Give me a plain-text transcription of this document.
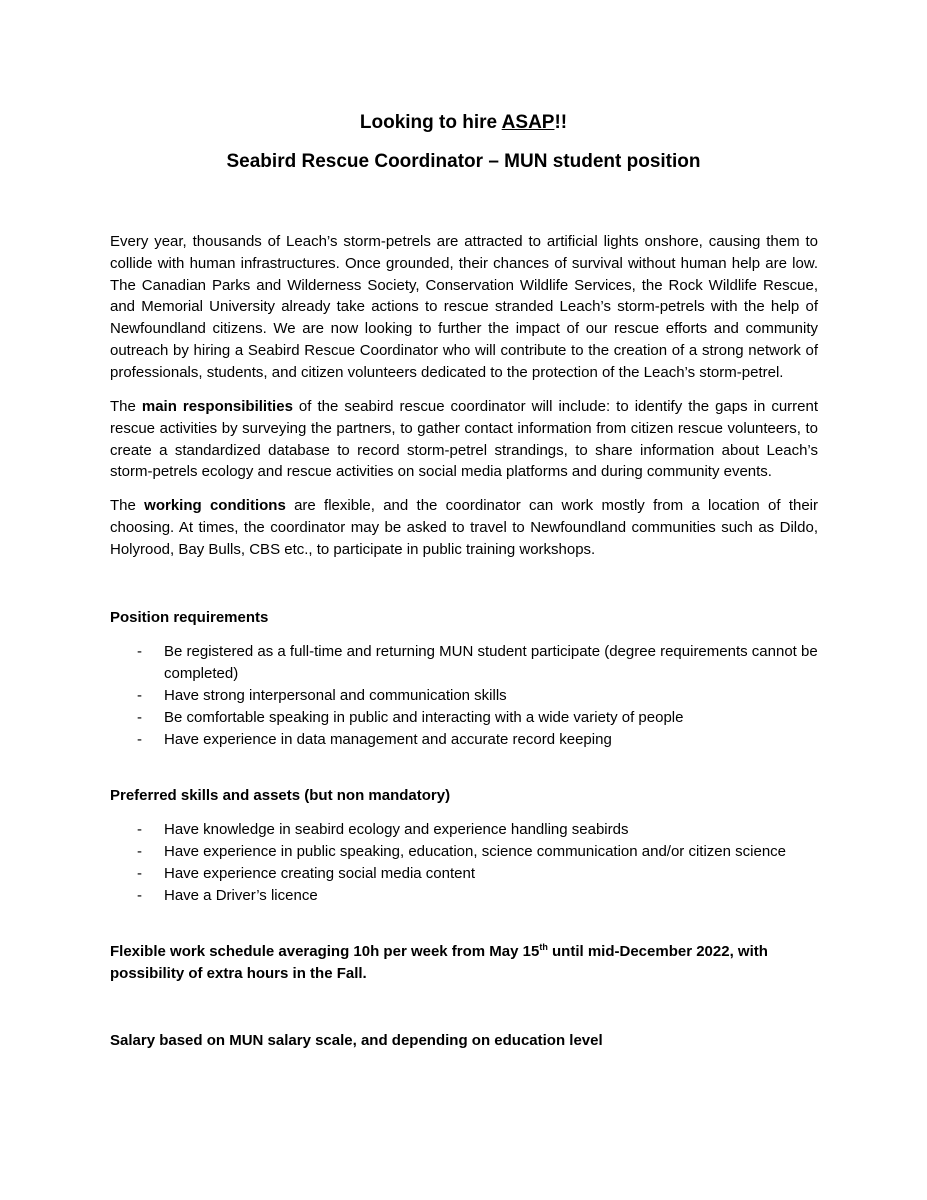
Looking to hire ASAP!!
Seabird Rescue Coordinator – MUN student position

Every year, thousands of Leach’s storm-petrels are attracted to artificial lights onshore, causing them to collide with human infrastructures. Once grounded, their chances of survival without human help are low. The Canadian Parks and Wilderness Society, Conservation Wildlife Services, the Rock Wildlife Rescue, and Memorial University already take actions to rescue stranded Leach’s storm-petrels with the help of Newfoundland citizens. We are now looking to further the impact of our rescue efforts and community outreach by hiring a Seabird Rescue Coordinator who will contribute to the creation of a strong network of professionals, students, and citizen volunteers dedicated to the protection of the Leach’s storm-petrel.

The main responsibilities of the seabird rescue coordinator will include: to identify the gaps in current rescue activities by surveying the partners, to gather contact information from citizen rescue volunteers, to create a standardized database to record storm-petrel strandings, to share information about Leach’s storm-petrels ecology and rescue activities on social media platforms and during community events.

The working conditions are flexible, and the coordinator can work mostly from a location of their choosing. At times, the coordinator may be asked to travel to Newfoundland communities such as Dildo, Holyrood, Bay Bulls, CBS etc., to participate in public training workshops.

Position requirements
- Be registered as a full-time and returning MUN student participate (degree requirements cannot be completed)
- Have strong interpersonal and communication skills
- Be comfortable speaking in public and interacting with a wide variety of people
- Have experience in data management and accurate record keeping
Preferred skills and assets (but non mandatory)
- Have knowledge in seabird ecology and experience handling seabirds
- Have experience in public speaking, education, science communication and/or citizen science
- Have experience creating social media content
- Have a Driver’s licence

Flexible work schedule averaging 10h per week from May 15th until mid-December 2022, with possibility of extra hours in the Fall.

Salary based on MUN salary scale, and depending on education level
